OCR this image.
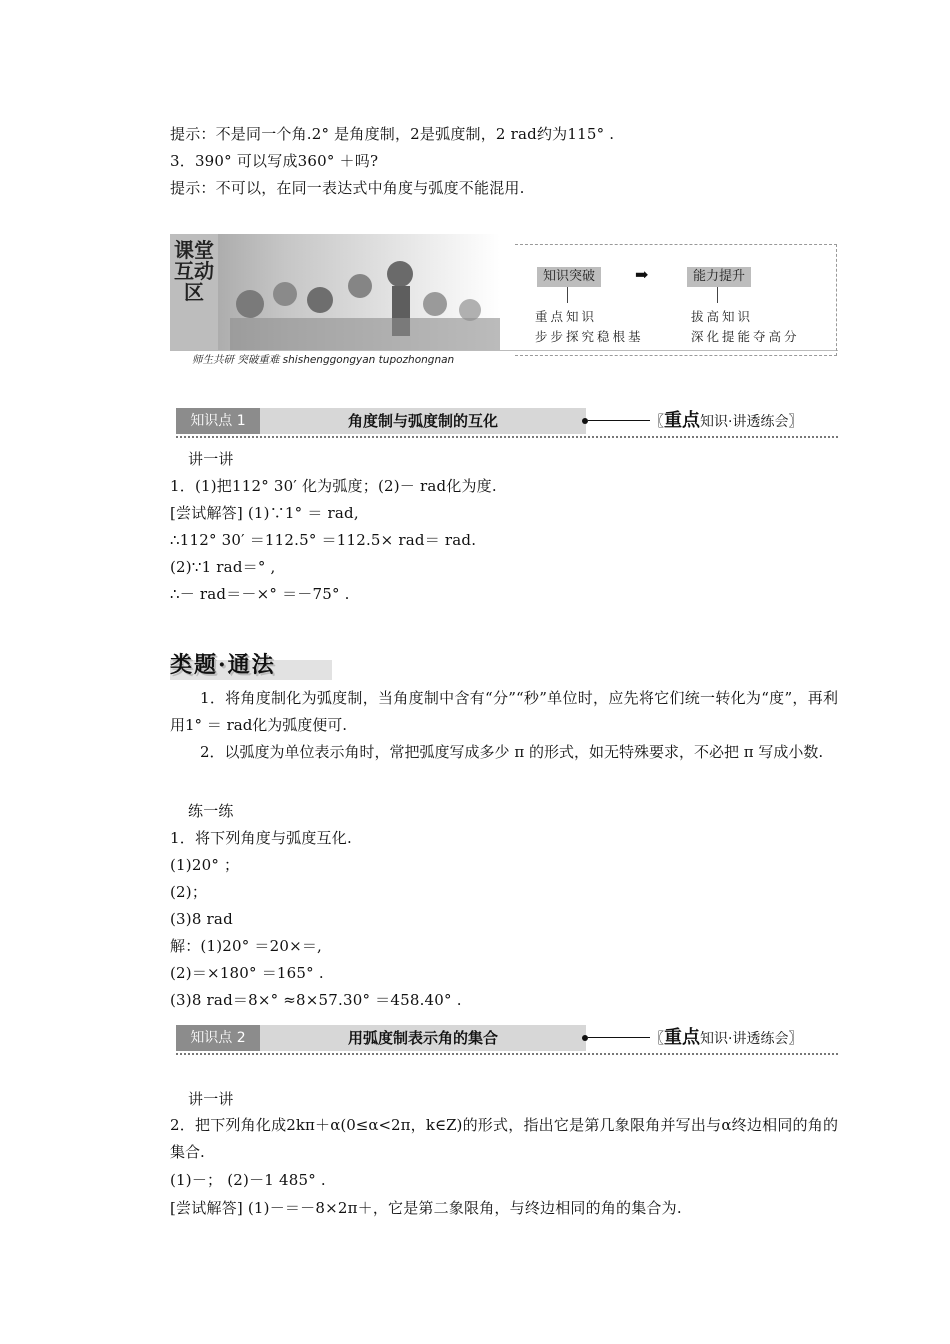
提示：不是同一个角.2° 是角度制，2是弧度制，2 rad约为115° .
3．390° 可以写成360° ＋吗?
提示：不可以，在同一表达式中角度与弧度不能混用.
课堂互动区
师生共研 突破重难 shishenggongyan tupozhongnan
知识突破	➡	能力提升
重点知识
步步探究稳根基
拔高知识
深化提能夺高分
知识点 1	角度制与弧度制的互化	〖重点知识·讲透练会〗
讲一讲
1．(1)把112° 30′ 化为弧度；(2)－ rad化为度.
[尝试解答] (1)∵1° ＝ rad,
∴112° 30′ ＝112.5° ＝112.5× rad＝ rad.
(2)∵1 rad＝° ,
∴－ rad＝－×° ＝－75° .
类题·通法
1．将角度制化为弧度制，当角度制中含有“分”“秒”单位时，应先将它们统一转化为“度”，再利用1° ＝ rad化为弧度便可.
2．以弧度为单位表示角时，常把弧度写成多少 π 的形式，如无特殊要求，不必把 π 写成小数.
练一练
1．将下列角度与弧度互化.
(1)20° ；
(2)；
(3)8 rad
解：(1)20° ＝20×＝,
(2)＝×180° ＝165° .
(3)8 rad＝8×° ≈8×57.30° ＝458.40° .
知识点 2	用弧度制表示角的集合	〖重点知识·讲透练会〗
讲一讲
2．把下列角化成2kπ＋α(0≤α<2π，k∈Z)的形式，指出它是第几象限角并写出与α终边相同的角的集合.
(1)－； (2)－1 485° .
[尝试解答] (1)－＝－8×2π＋，它是第二象限角，与终边相同的角的集合为.
